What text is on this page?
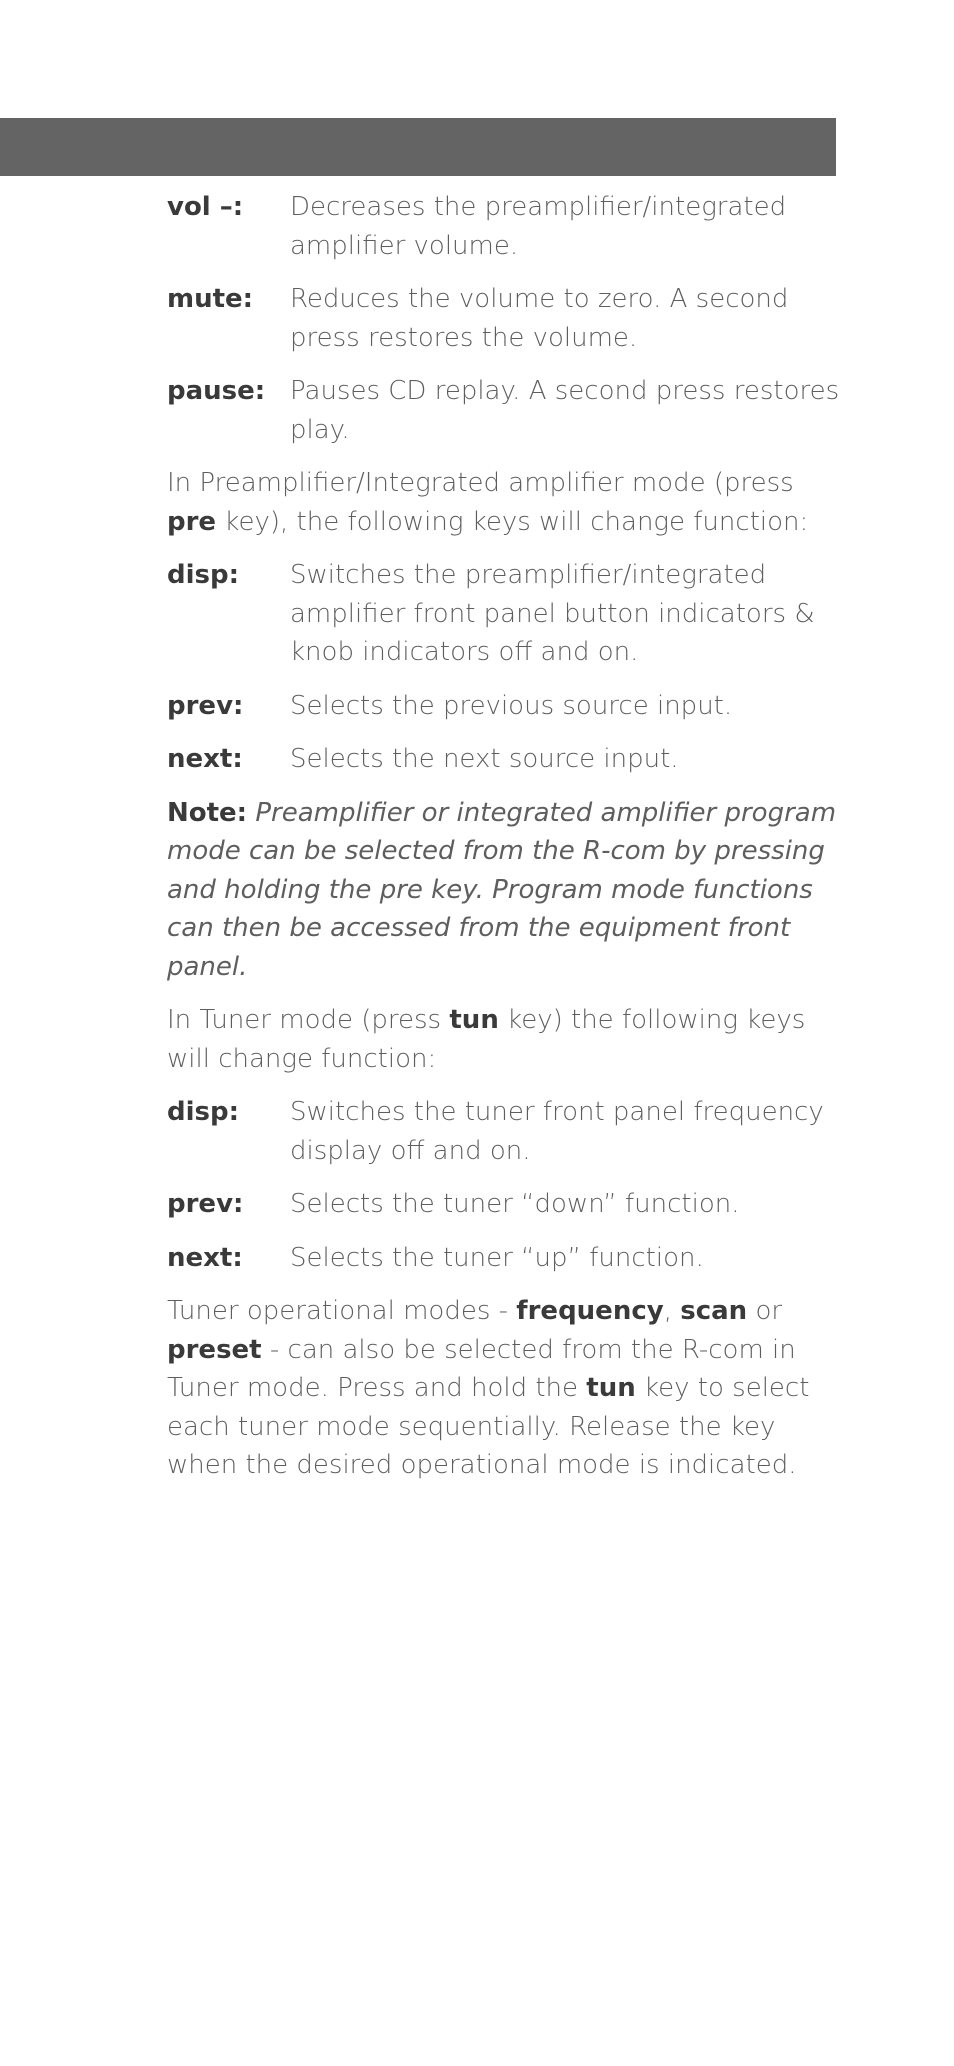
vol –:	Decreases the preamplifier/integrated amplifier volume.
mute:	Reduces the volume to zero. A second press restores the volume.
pause: Pauses CD replay. A second press restores play.

In Preamplifier/Integrated amplifier mode (press pre key), the following keys will change function:

disp:	Switches the preamplifier/integrated amplifier front panel button indicators & knob indicators off and on.
prev:	Selects the previous source input.
next:	Selects the next source input.

Note: Preamplifier or integrated amplifier program mode can be selected from the R-com by pressing and holding the pre key. Program mode functions can then be accessed from the equipment front panel.

In Tuner mode (press tun key) the following keys will change function:

disp:	Switches the tuner front panel frequency display off and on.
prev:	Selects the tuner “down” function.
next:	Selects the tuner “up” function.

Tuner operational modes - frequency, scan or preset - can also be selected from the R-com in Tuner mode. Press and hold the tun key to select each tuner mode sequentially. Release the key when the desired operational mode is indicated.
